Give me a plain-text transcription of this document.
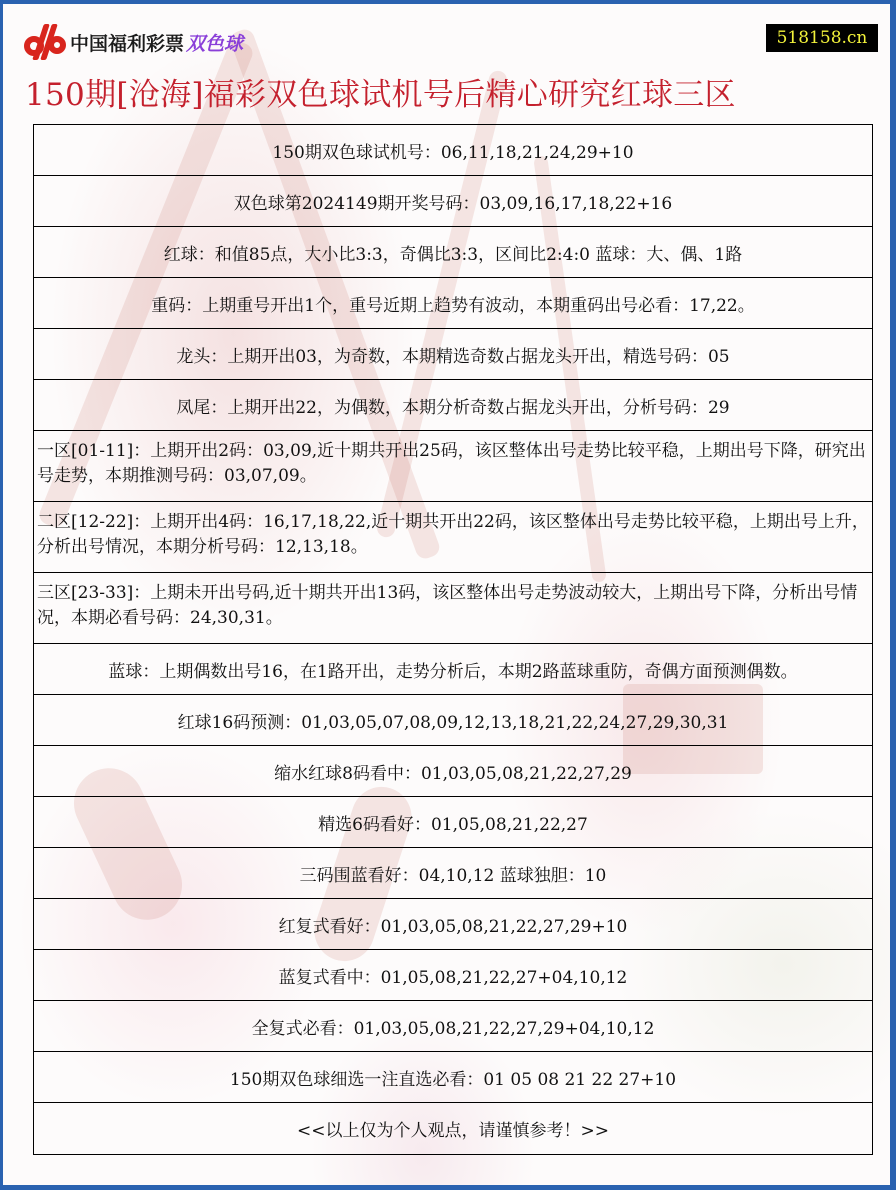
中国福利彩票 双色球	518158.cn
150期[沧海]福彩双色球试机号后精心研究红球三区
150期双色球试机号：06,11,18,21,24,29+10
双色球第2024149期开奖号码：03,09,16,17,18,22+16
红球：和值85点，大小比3:3，奇偶比3:3，区间比2:4:0 蓝球：大、偶、1路
重码：上期重号开出1个，重号近期上趋势有波动，本期重码出号必看：17,22。
龙头：上期开出03，为奇数，本期精选奇数占据龙头开出，精选号码：05
凤尾：上期开出22，为偶数，本期分析奇数占据龙头开出，分析号码：29
一区[01-11]：上期开出2码：03,09,近十期共开出25码，该区整体出号走势比较平稳，上期出号下降，研究出号走势，本期推测号码：03,07,09。
二区[12-22]：上期开出4码：16,17,18,22,近十期共开出22码，该区整体出号走势比较平稳，上期出号上升，分析出号情况，本期分析号码：12,13,18。
三区[23-33]：上期未开出号码,近十期共开出13码，该区整体出号走势波动较大，上期出号下降，分析出号情况，本期必看号码：24,30,31。
蓝球：上期偶数出号16，在1路开出，走势分析后，本期2路蓝球重防，奇偶方面预测偶数。
红球16码预测：01,03,05,07,08,09,12,13,18,21,22,24,27,29,30,31
缩水红球8码看中：01,03,05,08,21,22,27,29
精选6码看好：01,05,08,21,22,27
三码围蓝看好：04,10,12 蓝球独胆：10
红复式看好：01,03,05,08,21,22,27,29+10
蓝复式看中：01,05,08,21,22,27+04,10,12
全复式必看：01,03,05,08,21,22,27,29+04,10,12
150期双色球细选一注直选必看：01 05 08 21 22 27+10
<<以上仅为个人观点，请谨慎参考！>>
